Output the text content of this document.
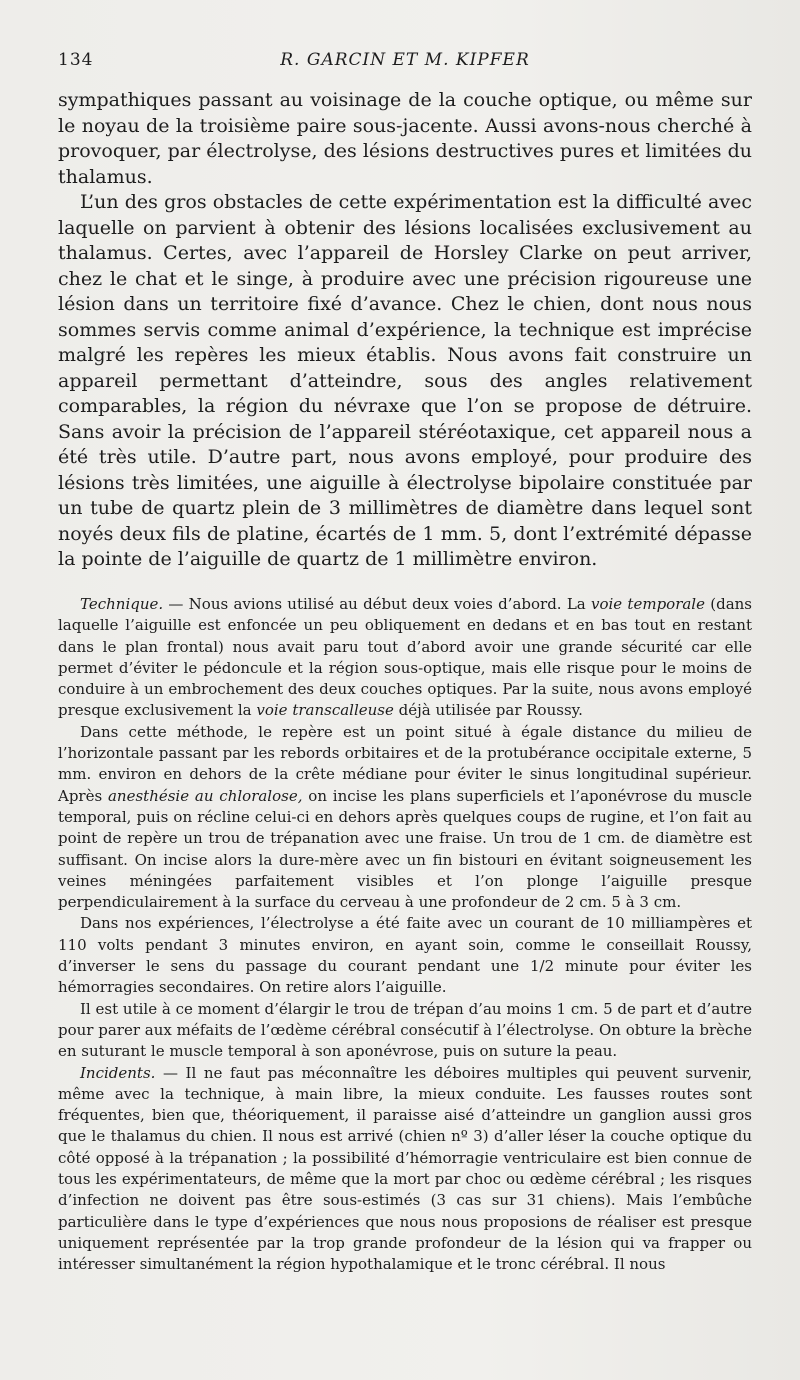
134	R. GARCIN ET M. KIPFER

sympathiques passant au voisinage de la couche optique, ou même sur le noyau de la troisième paire sous-jacente. Aussi avons-nous cherché à provoquer, par électrolyse, des lésions destructives pures et limitées du thalamus.

L’un des gros obstacles de cette expérimentation est la difficulté avec laquelle on parvient à obtenir des lésions localisées exclusivement au thalamus. Certes, avec l’appareil de Horsley Clarke on peut arriver, chez le chat et le singe, à produire avec une précision rigoureuse une lésion dans un territoire fixé d’avance. Chez le chien, dont nous nous sommes servis comme animal d’expérience, la technique est imprécise malgré les repères les mieux établis. Nous avons fait construire un appareil permettant d’atteindre, sous des angles relativement comparables, la région du névraxe que l’on se propose de détruire. Sans avoir la précision de l’appareil stéréotaxique, cet appareil nous a été très utile. D’autre part, nous avons employé, pour produire des lésions très limitées, une aiguille à électrolyse bipolaire constituée par un tube de quartz plein de 3 millimètres de diamètre dans lequel sont noyés deux fils de platine, écartés de 1 mm. 5, dont l’extrémité dépasse la pointe de l’aiguille de quartz de 1 millimètre environ.

Technique. — Nous avions utilisé au début deux voies d’abord. La voie temporale (dans laquelle l’aiguille est enfoncée un peu obliquement en dedans et en bas tout en restant dans le plan frontal) nous avait paru tout d’abord avoir une grande sécurité car elle permet d’éviter le pédoncule et la région sous-optique, mais elle risque pour le moins de conduire à un embrochement des deux couches optiques. Par la suite, nous avons employé presque exclusivement la voie transcalleuse déjà utilisée par Roussy.

Dans cette méthode, le repère est un point situé à égale distance du milieu de l’horizontale passant par les rebords orbitaires et de la protubérance occipitale externe, 5 mm. environ en dehors de la crête médiane pour éviter le sinus longitudinal supérieur. Après anesthésie au chloralose, on incise les plans superficiels et l’aponévrose du muscle temporal, puis on récline celui-ci en dehors après quelques coups de rugine, et l’on fait au point de repère un trou de trépanation avec une fraise. Un trou de 1 cm. de diamètre est suffisant. On incise alors la dure-mère avec un fin bistouri en évitant soigneusement les veines méningées parfaitement visibles et l’on plonge l’aiguille presque perpendiculairement à la surface du cerveau à une profondeur de 2 cm. 5 à 3 cm.

Dans nos expériences, l’électrolyse a été faite avec un courant de 10 milliampères et 110 volts pendant 3 minutes environ, en ayant soin, comme le conseillait Roussy, d’inverser le sens du passage du courant pendant une 1/2 minute pour éviter les hémorragies secondaires. On retire alors l’aiguille.

Il est utile à ce moment d’élargir le trou de trépan d’au moins 1 cm. 5 de part et d’autre pour parer aux méfaits de l’œdème cérébral consécutif à l’électrolyse. On obture la brèche en suturant le muscle temporal à son aponévrose, puis on suture la peau.

Incidents. — Il ne faut pas méconnaître les déboires multiples qui peuvent survenir, même avec la technique, à main libre, la mieux conduite. Les fausses routes sont fréquentes, bien que, théoriquement, il paraisse aisé d’atteindre un ganglion aussi gros que le thalamus du chien. Il nous est arrivé (chien nº 3) d’aller léser la couche optique du côté opposé à la trépanation ; la possibilité d’hémorragie ventriculaire est bien connue de tous les expérimentateurs, de même que la mort par choc ou œdème cérébral ; les risques d’infection ne doivent pas être sous-estimés (3 cas sur 31 chiens). Mais l’embûche particulière dans le type d’expériences que nous nous proposions de réaliser est presque uniquement représentée par la trop grande profondeur de la lésion qui va frapper ou intéresser simultanément la région hypothalamique et le tronc cérébral. Il nous
